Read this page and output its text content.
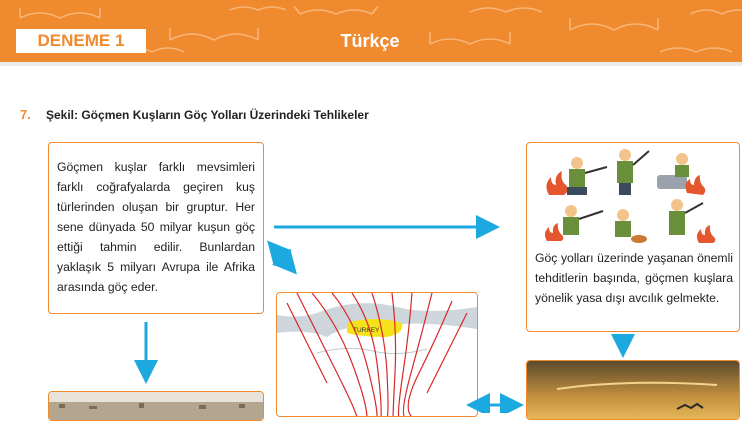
DENEME 1	Türkçe
7. Şekil: Göçmen Kuşların Göç Yolları Üzerindeki Tehlikeler
Göçmen kuşlar farklı mevsimleri farklı coğrafyalarda geçiren kuş türlerinden oluşan bir gruptur. Her sene dünyada 50 milyar kuşun göç ettiği tahmin edilir. Bunlardan yaklaşık 5 milyarı Avrupa ile Afrika arasında göç eder.
Göç yolları üzerinde yaşanan önemli tehditlerin başında, göçmen kuşlara yönelik yasa dışı avcılık gelmekte.
TURKEY
